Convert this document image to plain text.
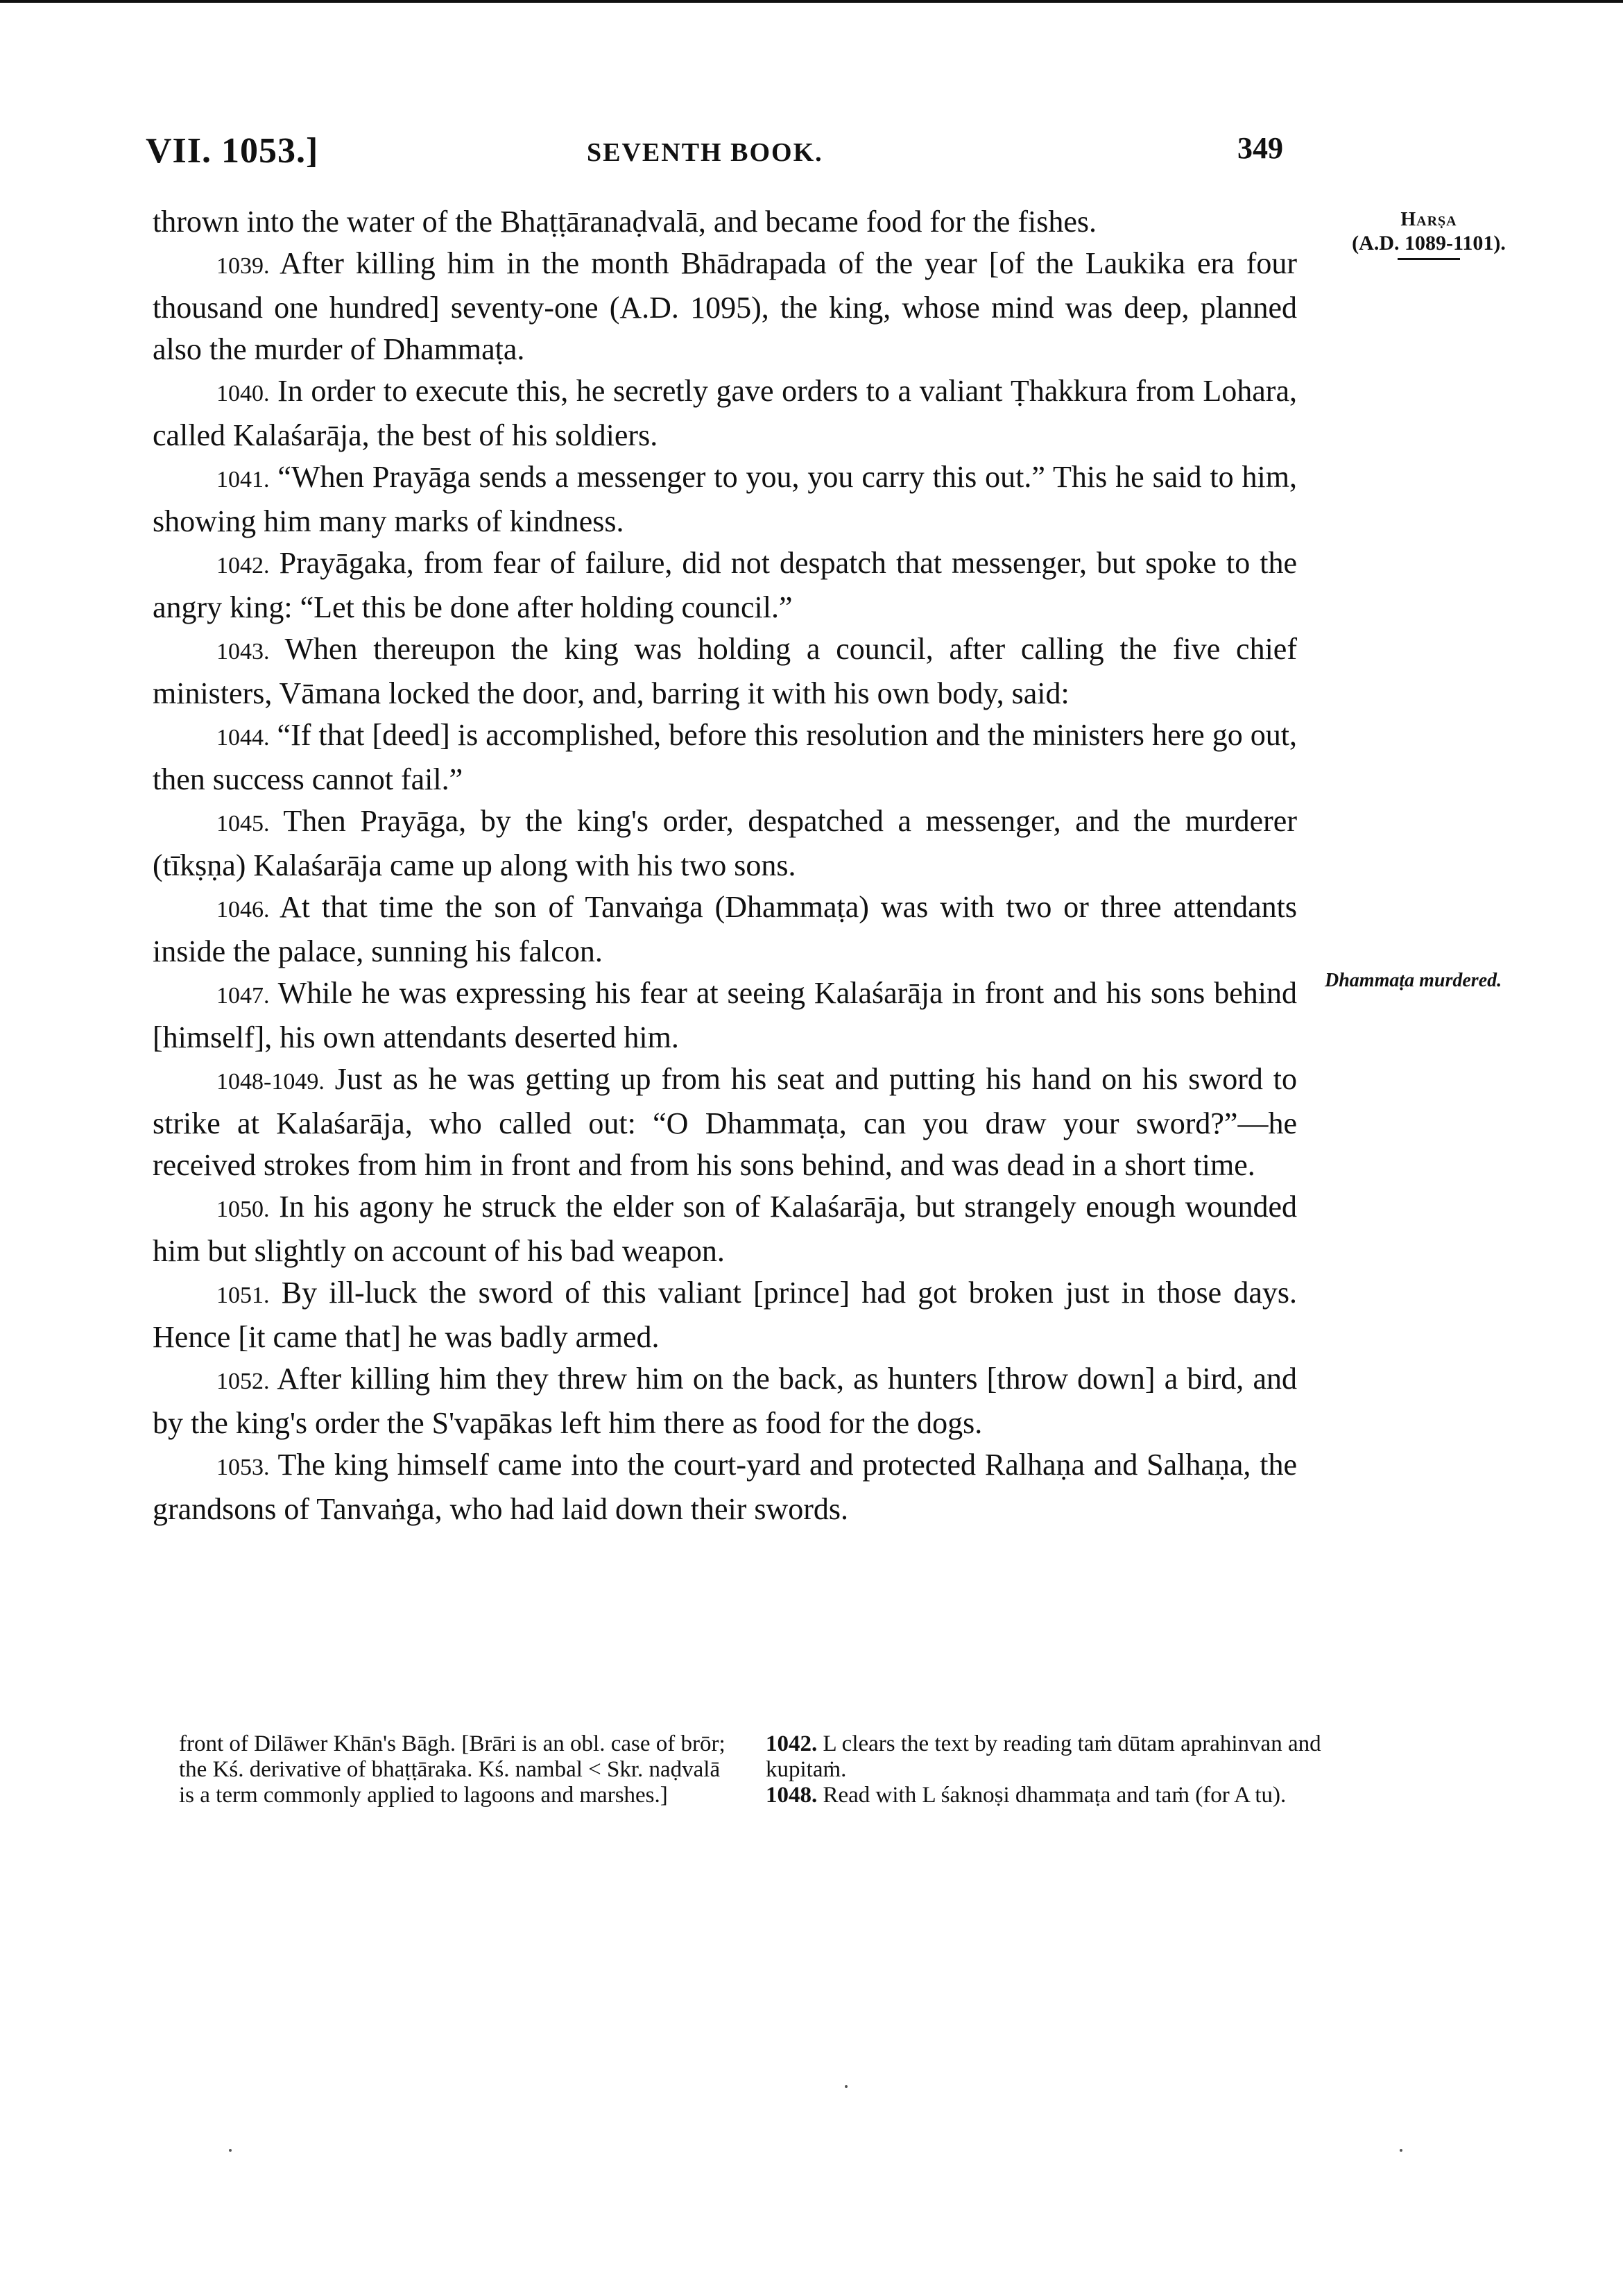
VII. 1053.]	SEVENTH BOOK.	349
Harṣa
(A.D. 1089-1101).
Dhammaṭa murdered.

thrown into the water of the Bhaṭṭāranaḍvalā, and became food for the fishes.

1039. After killing him in the month Bhādrapada of the year [of the Laukika era four thousand one hundred] seventy-one (A.D. 1095), the king, whose mind was deep, planned also the murder of Dhammaṭa.

1040. In order to execute this, he secretly gave orders to a valiant Ṭhakkura from Lohara, called Kalaśarāja, the best of his soldiers.

1041. “When Prayāga sends a messenger to you, you carry this out.” This he said to him, showing him many marks of kindness.

1042. Prayāgaka, from fear of failure, did not despatch that messenger, but spoke to the angry king: “Let this be done after holding council.”

1043. When thereupon the king was holding a council, after calling the five chief ministers, Vāmana locked the door, and, barring it with his own body, said:

1044. “If that [deed] is accomplished, before this resolution and the ministers here go out, then success cannot fail.”

1045. Then Prayāga, by the king's order, despatched a messenger, and the murderer (tīkṣṇa) Kalaśarāja came up along with his two sons.

1046. At that time the son of Tanvaṅga (Dhammaṭa) was with two or three attendants inside the palace, sunning his falcon.

1047. While he was expressing his fear at seeing Kalaśarāja in front and his sons behind [himself], his own attendants deserted him.

1048-1049. Just as he was getting up from his seat and putting his hand on his sword to strike at Kalaśarāja, who called out: “O Dhammaṭa, can you draw your sword?”—he received strokes from him in front and from his sons behind, and was dead in a short time.

1050. In his agony he struck the elder son of Kalaśarāja, but strangely enough wounded him but slightly on account of his bad weapon.

1051. By ill-luck the sword of this valiant [prince] had got broken just in those days. Hence [it came that] he was badly armed.

1052. After killing him they threw him on the back, as hunters [throw down] a bird, and by the king's order the S'vapākas left him there as food for the dogs.

1053. The king himself came into the court-yard and protected Ralhaṇa and Salhaṇa, the grandsons of Tanvaṅga, who had laid down their swords.

front of Dilāwer Khān's Bāgh. [Brāri is an obl. case of brōr; the Kś. derivative of bhaṭṭāraka. Kś. nambal < Skr. naḍvalā is a term commonly applied to lagoons and marshes.]

1042. L clears the text by reading taṁ dūtam aprahinvan and kupitaṁ.

1048. Read with L śaknoṣi dhammaṭa and taṁ (for A tu).
